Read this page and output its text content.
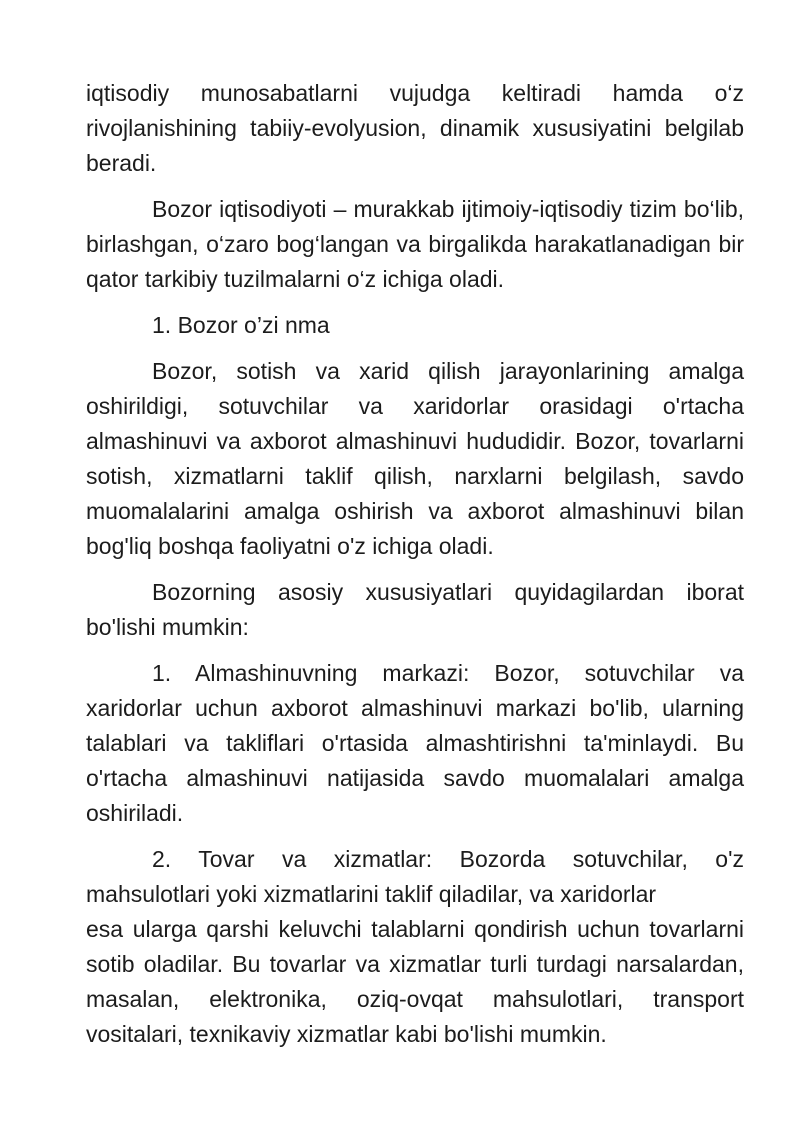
iqtisodiy munosabatlarni vujudga keltiradi hamda o‘z rivojlanishining tabiiy-evolyusion, dinamik xususiyatini belgilab beradi.

Bozor iqtisodiyoti – murakkab ijtimoiy-iqtisodiy tizim bo‘lib, birlashgan, o‘zaro bog‘langan va birgalikda harakatlanadigan bir qator tarkibiy tuzilmalarni o‘z ichiga oladi.

1. Bozor o’zi nma

Bozor, sotish va xarid qilish jarayonlarining amalga oshirildigi, sotuvchilar va xaridorlar orasidagi o'rtacha almashinuvi va axborot almashinuvi hududidir. Bozor, tovarlarni sotish, xizmatlarni taklif qilish, narxlarni belgilash, savdo muomalalarini amalga oshirish va axborot almashinuvi bilan bog'liq boshqa faoliyatni o'z ichiga oladi.

Bozorning asosiy xususiyatlari quyidagilardan iborat bo'lishi mumkin:

1. Almashinuvning markazi: Bozor, sotuvchilar va xaridorlar uchun axborot almashinuvi markazi bo'lib, ularning talablari va takliflari o'rtasida almashtirishni ta'minlaydi. Bu o'rtacha almashinuvi natijasida savdo muomalalari amalga oshiriladi.

2. Tovar va xizmatlar: Bozorda sotuvchilar, o'z
mahsulotlari yoki xizmatlarini taklif qiladilar, va xaridorlar

esa ularga qarshi keluvchi talablarni qondirish uchun tovarlarni sotib oladilar. Bu tovarlar va xizmatlar turli turdagi narsalardan, masalan, elektronika, oziq-ovqat mahsulotlari, transport vositalari, texnikaviy xizmatlar kabi bo'lishi mumkin.
